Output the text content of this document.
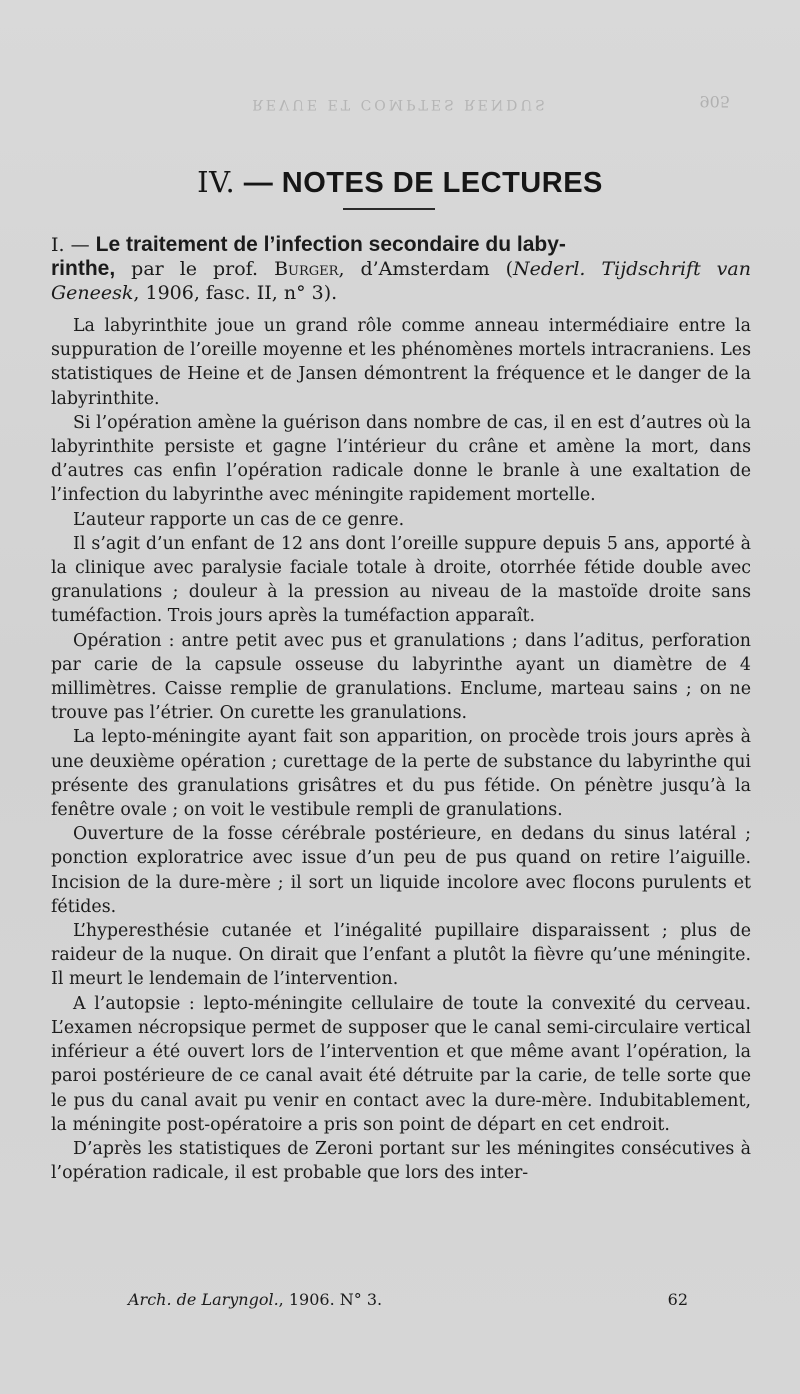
REVUE ET COMPTES RENDUS	905
IV. — NOTES DE LECTURES

I. — Le traitement de l’infection secondaire du laby-
rinthe, par le prof. Burger, d’Amsterdam (Nederl. Tijdschrift van Geneesk, 1906, fasc. II, n° 3).

La labyrinthite joue un grand rôle comme anneau intermédiaire entre la suppuration de l’oreille moyenne et les phénomènes mortels intracraniens. Les statistiques de Heine et de Jansen démontrent la fréquence et le danger de la labyrinthite.

Si l’opération amène la guérison dans nombre de cas, il en est d’autres où la labyrinthite persiste et gagne l’intérieur du crâne et amène la mort, dans d’autres cas enfin l’opération radicale donne le branle à une exaltation de l’infection du labyrinthe avec méningite rapidement mortelle.

L’auteur rapporte un cas de ce genre.

Il s’agit d’un enfant de 12 ans dont l’oreille suppure depuis 5 ans, apporté à la clinique avec paralysie faciale totale à droite, otorrhée fétide double avec granulations ; douleur à la pression au niveau de la mastoïde droite sans tuméfaction. Trois jours après la tuméfaction apparaît.

Opération : antre petit avec pus et granulations ; dans l’aditus, perforation par carie de la capsule osseuse du labyrinthe ayant un diamètre de 4 millimètres. Caisse remplie de granulations. Enclume, marteau sains ; on ne trouve pas l’étrier. On curette les granulations.

La lepto-méningite ayant fait son apparition, on procède trois jours après à une deuxième opération ; curettage de la perte de substance du labyrinthe qui présente des granulations grisâtres et du pus fétide. On pénètre jusqu’à la fenêtre ovale ; on voit le vestibule rempli de granulations.

Ouverture de la fosse cérébrale postérieure, en dedans du sinus latéral ; ponction exploratrice avec issue d’un peu de pus quand on retire l’aiguille. Incision de la dure-mère ; il sort un liquide incolore avec flocons purulents et fétides.

L’hyperesthésie cutanée et l’inégalité pupillaire disparaissent ; plus de raideur de la nuque. On dirait que l’enfant a plutôt la fièvre qu’une méningite. Il meurt le lendemain de l’intervention.

A l’autopsie : lepto-méningite cellulaire de toute la convexité du cerveau. L’examen nécropsique permet de supposer que le canal semi-circulaire vertical inférieur a été ouvert lors de l’intervention et que même avant l’opération, la paroi postérieure de ce canal avait été détruite par la carie, de telle sorte que le pus du canal avait pu venir en contact avec la dure-mère. Indubitablement, la méningite post-opératoire a pris son point de départ en cet endroit.

D’après les statistiques de Zeroni portant sur les méningites consécutives à l’opération radicale, il est probable que lors des inter-

Arch. de Laryngol., 1906. N° 3.	62
